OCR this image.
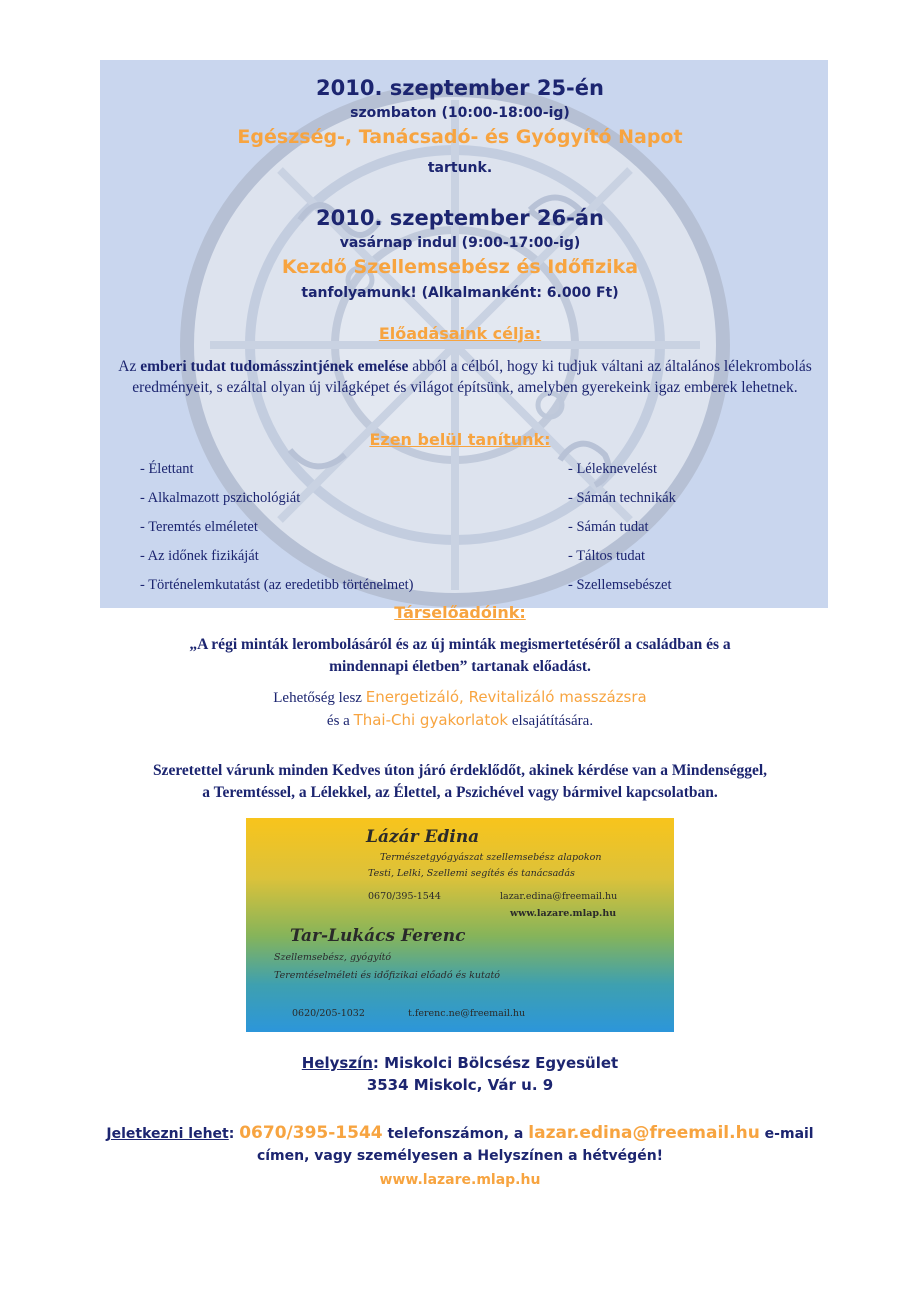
2010. szeptember 25-én
szombaton (10:00-18:00-ig)
Egészség-, Tanácsadó- és Gyógyító Napot
tartunk.
2010. szeptember 26-án
vasárnap indul (9:00-17:00-ig)
Kezdő Szellemsebész és Időfizika
tanfolyamunk! (Alkalmanként: 6.000 Ft)
Előadásaink célja:
Az emberi tudat tudomásszintjének emelése abból a célból, hogy ki tudjuk váltani az általános lélekrombolás eredményeit, s ezáltal olyan új világképet és világot építsünk, amelyben gyerekeink igaz emberek lehetnek.
Ezen belül tanítunk:
- Élettant
- Alkalmazott pszichológiát
- Teremtés elméletet
- Az időnek fizikáját
- Történelemkutatást (az eredetibb történelmet)
- Léleknevelést
- Sámán technikák
- Sámán tudat
- Táltos tudat
- Szellemsebészet
Társelőadóink:
„A régi minták lerombolásáról és az új minták megismertetéséről a családban és a
mindennapi életben” tartanak előadást.
Lehetőség lesz Energetizáló, Revitalizáló masszázsra
és a Thai-Chi gyakorlatok elsajátítására.
Szeretettel várunk minden Kedves úton járó érdeklődőt, akinek kérdése van a Mindenséggel,
a Teremtéssel, a Lélekkel, az Élettel, a Pszichével vagy bármivel kapcsolatban.
Lázár Edina
Természetgyógyászat szellemsebész alapokon
Testi, Lelki, Szellemi segítés és tanácsadás
0670/395-1544	lazar.edina@freemail.hu
www.lazare.mlap.hu
Tar-Lukács Ferenc
Szellemsebész, gyógyító
Teremtéselméleti és időfizikai előadó és kutató
0620/205-1032	t.ferenc.ne@freemail.hu
Helyszín: Miskolci Bölcsész Egyesület
3534 Miskolc, Vár u. 9
Jeletkezni lehet: 0670/395-1544 telefonszámon, a lazar.edina@freemail.hu e-mail
címen, vagy személyesen a Helyszínen a hétvégén!
www.lazare.mlap.hu
